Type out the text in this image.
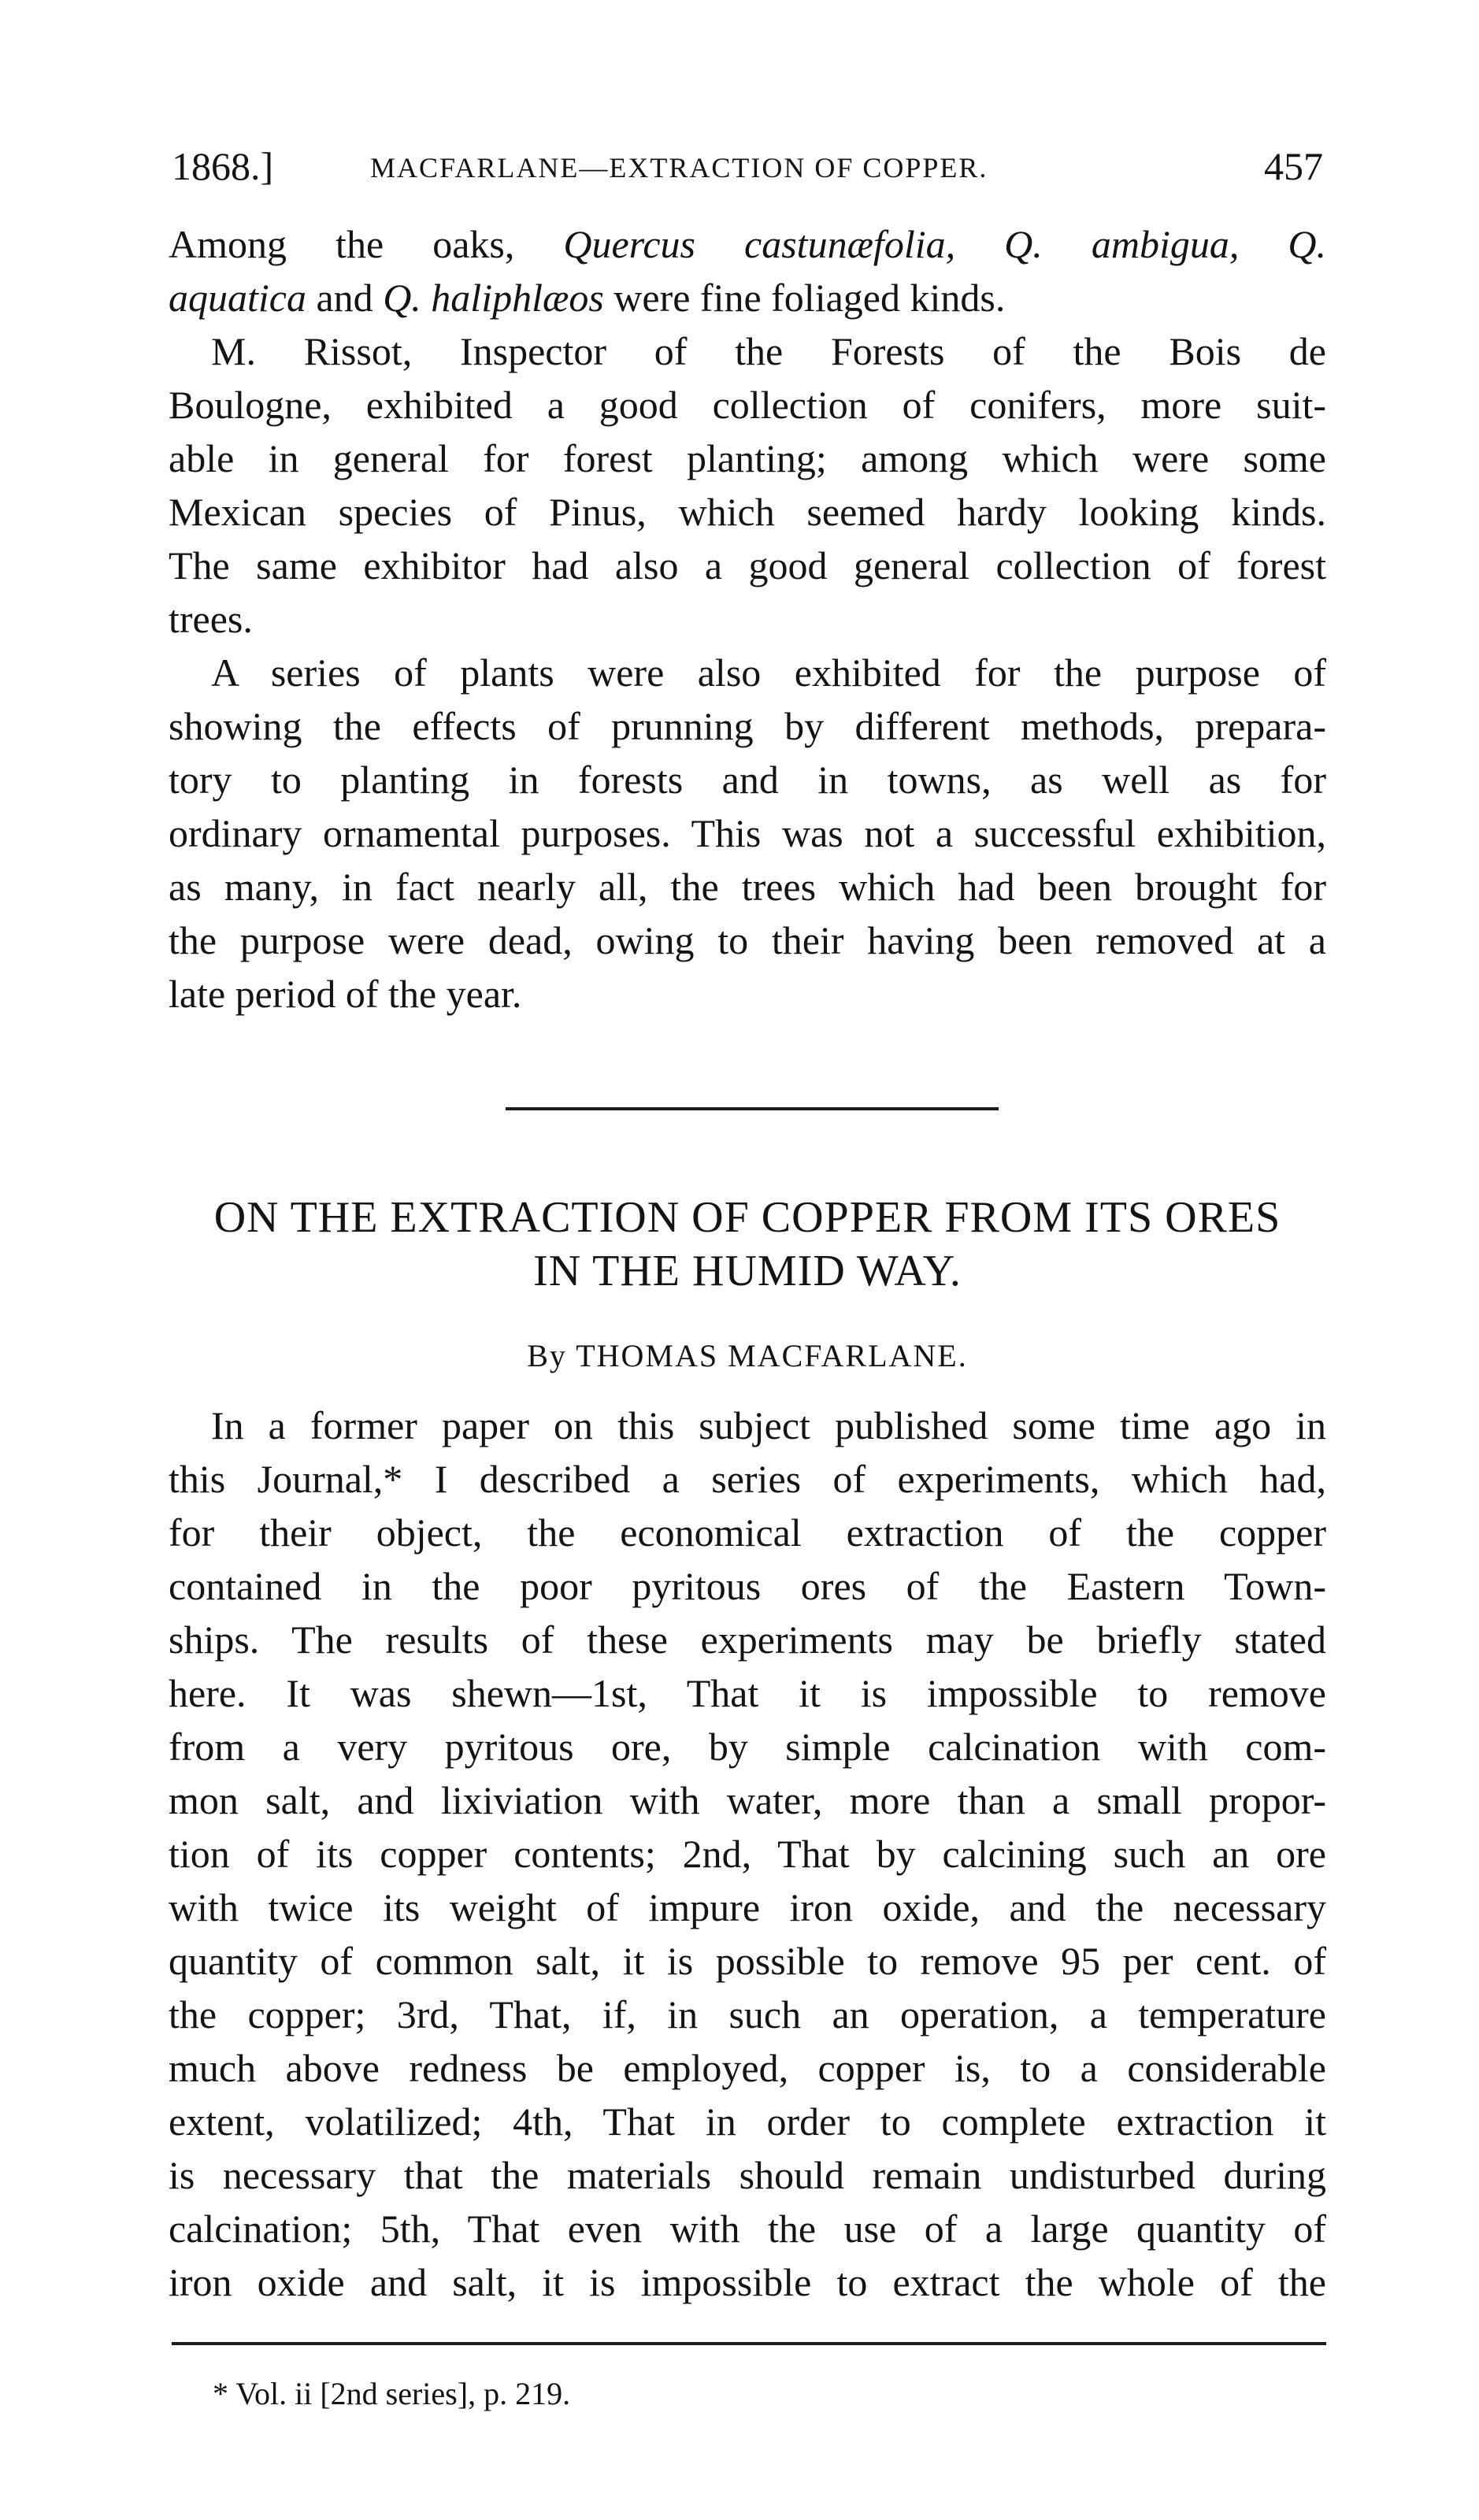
1868.]	MACFARLANE—EXTRACTION OF COPPER.	457
Among the oaks, Quercus castunæfolia, Q. ambigua, Q.
aquatica and Q. haliphlæos were fine foliaged kinds.
M. Rissot, Inspector of the Forests of the Bois de
Boulogne, exhibited a good collection of conifers, more suit-
able in general for forest planting; among which were some
Mexican species of Pinus, which seemed hardy looking kinds.
The same exhibitor had also a good general collection of forest
trees.
A series of plants were also exhibited for the purpose of
showing the effects of prunning by different methods, prepara-
tory to planting in forests and in towns, as well as for
ordinary ornamental purposes. This was not a successful exhibition,
as many, in fact nearly all, the trees which had been brought for
the purpose were dead, owing to their having been removed at a
late period of the year.
ON THE EXTRACTION OF COPPER FROM ITS ORES
IN THE HUMID WAY.
By THOMAS MACFARLANE.
In a former paper on this subject published some time ago in
this Journal,* I described a series of experiments, which had,
for their object, the economical extraction of the copper
contained in the poor pyritous ores of the Eastern Town-
ships. The results of these experiments may be briefly stated
here. It was shewn—1st, That it is impossible to remove
from a very pyritous ore, by simple calcination with com-
mon salt, and lixiviation with water, more than a small propor-
tion of its copper contents; 2nd, That by calcining such an ore
with twice its weight of impure iron oxide, and the necessary
quantity of common salt, it is possible to remove 95 per cent. of
the copper; 3rd, That, if, in such an operation, a temperature
much above redness be employed, copper is, to a considerable
extent, volatilized; 4th, That in order to complete extraction it
is necessary that the materials should remain undisturbed during
calcination; 5th, That even with the use of a large quantity of
iron oxide and salt, it is impossible to extract the whole of the
* Vol. ii [2nd series], p. 219.
